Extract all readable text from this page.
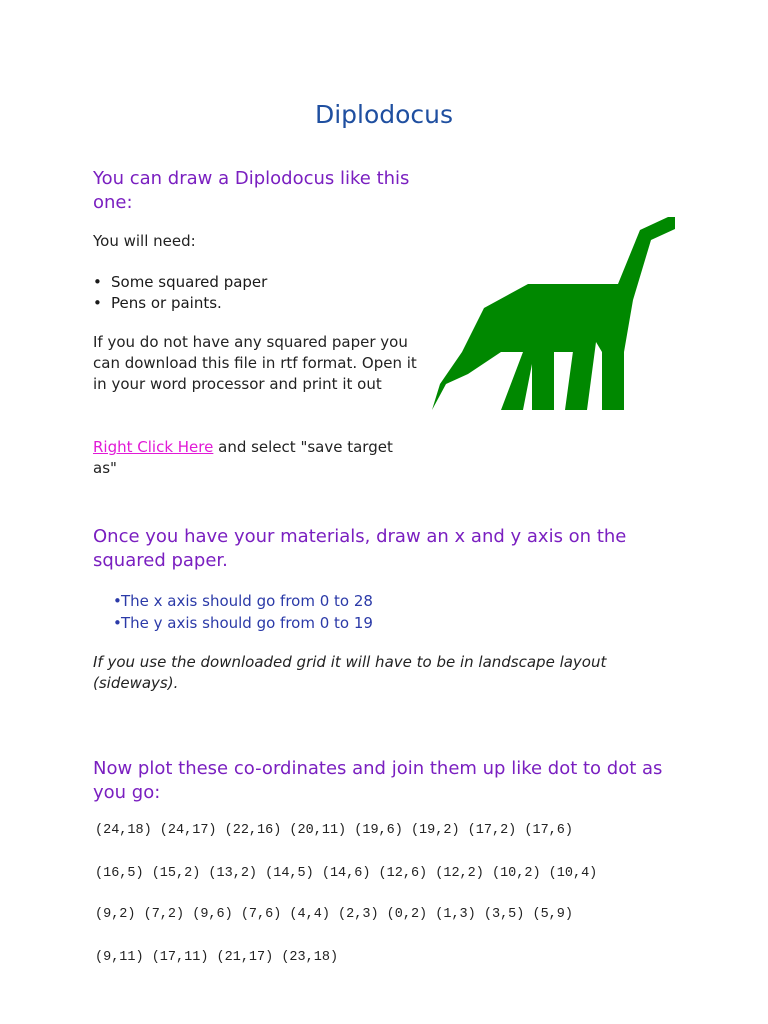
Diplodocus
You can draw a Diplodocus like this one:

You will need:

• Some squared paper
• Pens or paints.

If you do not have any squared paper you can download this file in rtf format. Open it in your word processor and print it out

Right Click Here and select "save target as"

Once you have your materials, draw an x and y axis on the squared paper.
• The x axis should go from 0 to 28
• The y axis should go from 0 to 19

If you use the downloaded grid it will have to be in landscape layout (sideways).

Now plot these co-ordinates and join them up like dot to dot as you go:

(24,18) (24,17) (22,16) (20,11) (19,6) (19,2) (17,2) (17,6)

(16,5) (15,2) (13,2) (14,5) (14,6) (12,6) (12,2) (10,2) (10,4)

(9,2) (7,2) (9,6) (7,6) (4,4) (2,3) (0,2) (1,3) (3,5) (5,9)

(9,11) (17,11) (21,17) (23,18)
